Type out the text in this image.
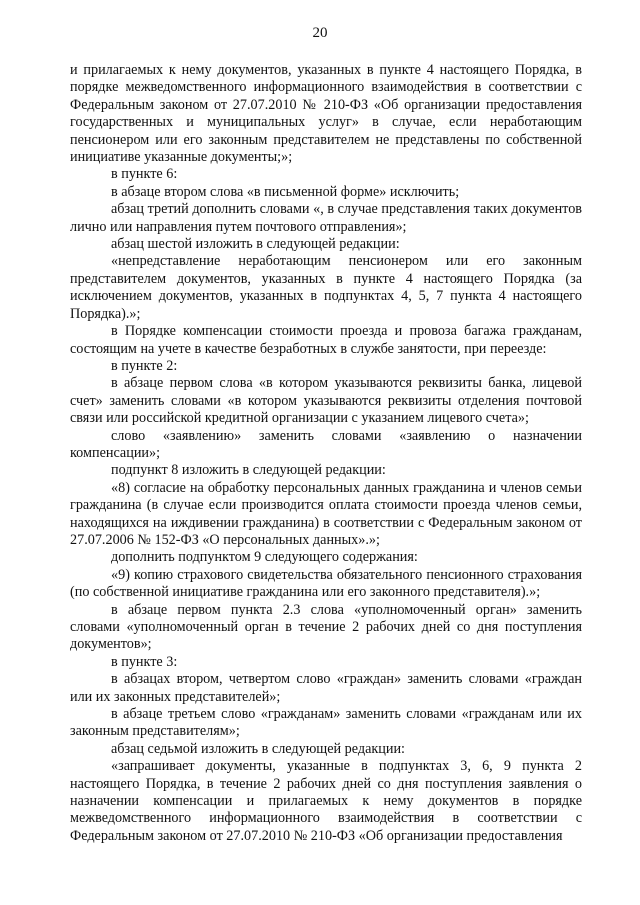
20

и прилагаемых к нему документов, указанных в пункте 4 настоящего Порядка, в порядке межведомственного информационного взаимодействия в соответствии с Федеральным законом от 27.07.2010 № 210-ФЗ «Об организации предоставления государственных и муниципальных услуг» в случае, если неработающим пенсионером или его законным представителем не представлены по собственной инициативе указанные документы;»;

в пункте 6:

в абзаце втором слова «в письменной форме» исключить;

абзац третий дополнить словами «, в случае представления таких документов лично или направления путем почтового отправления»;

абзац шестой изложить в следующей редакции:

«непредставление неработающим пенсионером или его законным представителем документов, указанных в пункте 4 настоящего Порядка (за исключением документов, указанных в подпунктах 4, 5, 7 пункта 4 настоящего Порядка).»;

в Порядке компенсации стоимости проезда и провоза багажа гражданам, состоящим на учете в качестве безработных в службе занятости, при переезде:

в пункте 2:

в абзаце первом слова «в котором указываются реквизиты банка, лицевой счет» заменить словами «в котором указываются реквизиты отделения почтовой связи или российской кредитной организации с указанием лицевого счета»;

слово «заявлению» заменить словами «заявлению о назначении компенсации»;

подпункт 8 изложить в следующей редакции:

«8) согласие на обработку персональных данных гражданина и членов семьи гражданина (в случае если производится оплата стоимости проезда членов семьи, находящихся на иждивении гражданина) в соответствии с Федеральным законом от 27.07.2006 № 152-ФЗ «О персональных данных».»;

дополнить подпунктом 9 следующего содержания:

«9) копию страхового свидетельства обязательного пенсионного страхования (по собственной инициативе гражданина или его законного представителя).»;

в абзаце первом пункта 2.3 слова «уполномоченный орган» заменить словами «уполномоченный орган в течение 2 рабочих дней со дня поступления документов»;

в пункте 3:

в абзацах втором, четвертом слово «граждан» заменить словами «граждан или их законных представителей»;

в абзаце третьем слово «гражданам» заменить словами «гражданам или их законным представителям»;

абзац седьмой изложить в следующей редакции:

«запрашивает документы, указанные в подпунктах 3, 6, 9 пункта 2 настоящего Порядка, в течение 2 рабочих дней со дня поступления заявления о назначении компенсации и прилагаемых к нему документов в порядке межведомственного информационного взаимодействия в соответствии с Федеральным законом от 27.07.2010 № 210-ФЗ «Об организации предоставления
